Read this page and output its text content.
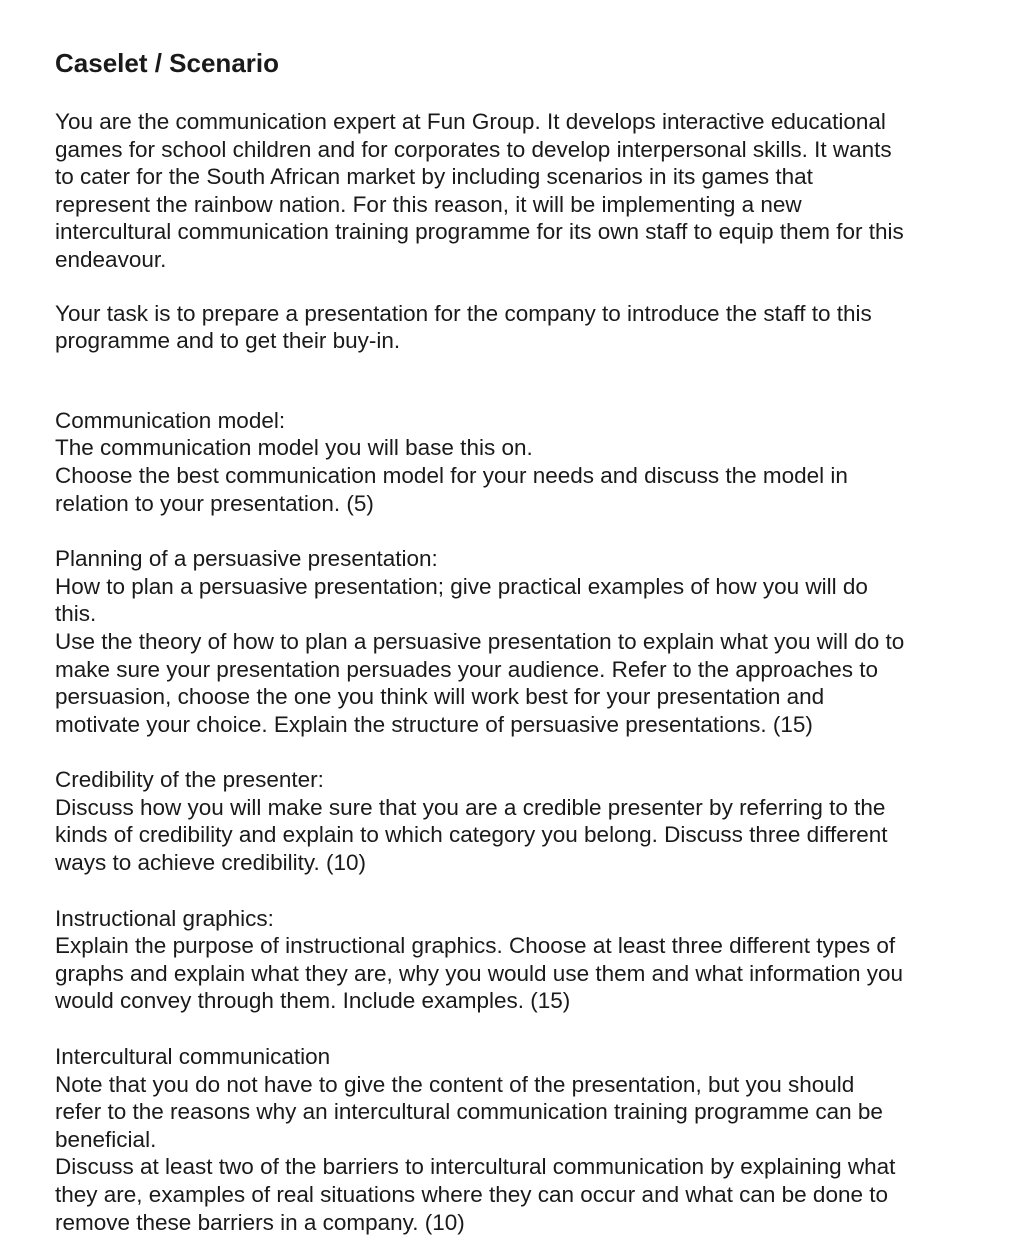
Caselet / Scenario

You are the communication expert at Fun Group. It develops interactive educational
games for school children and for corporates to develop interpersonal skills. It wants
to cater for the South African market by including scenarios in its games that
represent the rainbow nation. For this reason, it will be implementing a new
intercultural communication training programme for its own staff to equip them for this
endeavour.

Your task is to prepare a presentation for the company to introduce the staff to this
programme and to get their buy-in.

Communication model:
The communication model you will base this on.
Choose the best communication model for your needs and discuss the model in
relation to your presentation. (5)

Planning of a persuasive presentation:
How to plan a persuasive presentation; give practical examples of how you will do
this.
Use the theory of how to plan a persuasive presentation to explain what you will do to
make sure your presentation persuades your audience. Refer to the approaches to
persuasion, choose the one you think will work best for your presentation and
motivate your choice. Explain the structure of persuasive presentations. (15)

Credibility of the presenter:
Discuss how you will make sure that you are a credible presenter by referring to the
kinds of credibility and explain to which category you belong. Discuss three different
ways to achieve credibility. (10)

Instructional graphics:
Explain the purpose of instructional graphics. Choose at least three different types of
graphs and explain what they are, why you would use them and what information you
would convey through them. Include examples. (15)

Intercultural communication
Note that you do not have to give the content of the presentation, but you should
refer to the reasons why an intercultural communication training programme can be
beneficial.
Discuss at least two of the barriers to intercultural communication by explaining what
they are, examples of real situations where they can occur and what can be done to
remove these barriers in a company. (10)
